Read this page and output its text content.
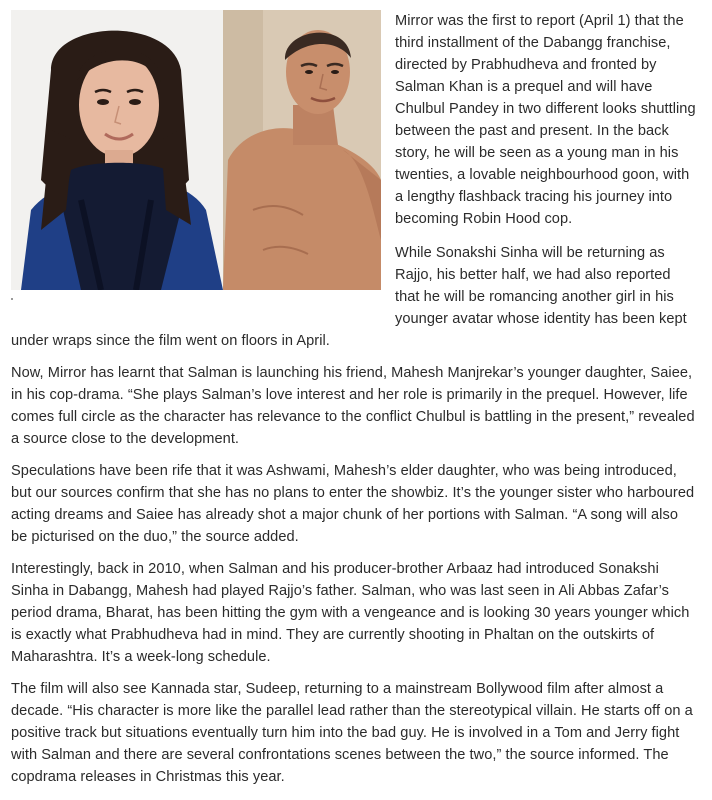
Mirror was the first to report (April 1) that the third installment of the Dabangg franchise, directed by Prabhudheva and fronted by Salman Khan is a prequel and will have Chulbul Pandey in two different looks shuttling between the past and present. In the back story, he will be seen as a young man in his twenties, a lovable neighbourhood goon, with a lengthy flashback tracing his journey into becoming Robin Hood cop.

While Sonakshi Sinha will be returning as Rajjo, his better half, we had also reported that he will be romancing another girl in his younger avatar whose identity has been kept under wraps since the film went on floors in April.

Now, Mirror has learnt that Salman is launching his friend, Mahesh Manjrekar’s younger daughter, Saiee, in his cop-drama. “She plays Salman’s love interest and her role is primarily in the prequel. However, life comes full circle as the character has relevance to the conflict Chulbul is battling in the present,” revealed a source close to the development.

Speculations have been rife that it was Ashwami, Mahesh’s elder daughter, who was being introduced, but our sources confirm that she has no plans to enter the showbiz. It’s the younger sister who harboured acting dreams and Saiee has already shot a major chunk of her portions with Salman. “A song will also be picturised on the duo,” the source added.

Interestingly, back in 2010, when Salman and his producer-brother Arbaaz had introduced Sonakshi Sinha in Dabangg, Mahesh had played Rajjo’s father. Salman, who was last seen in Ali Abbas Zafar’s period drama, Bharat, has been hitting the gym with a vengeance and is looking 30 years younger which is exactly what Prabhudheva had in mind. They are currently shooting in Phaltan on the outskirts of Maharashtra. It’s a week-long schedule.

The film will also see Kannada star, Sudeep, returning to a mainstream Bollywood film after almost a decade. “His character is more like the parallel lead rather than the stereotypical villain. He starts off on a positive track but situations eventually turn him into the bad guy. He is involved in a Tom and Jerry fight with Salman and there are several confrontations scenes between the two,” the source informed. The copdrama releases in Christmas this year.
